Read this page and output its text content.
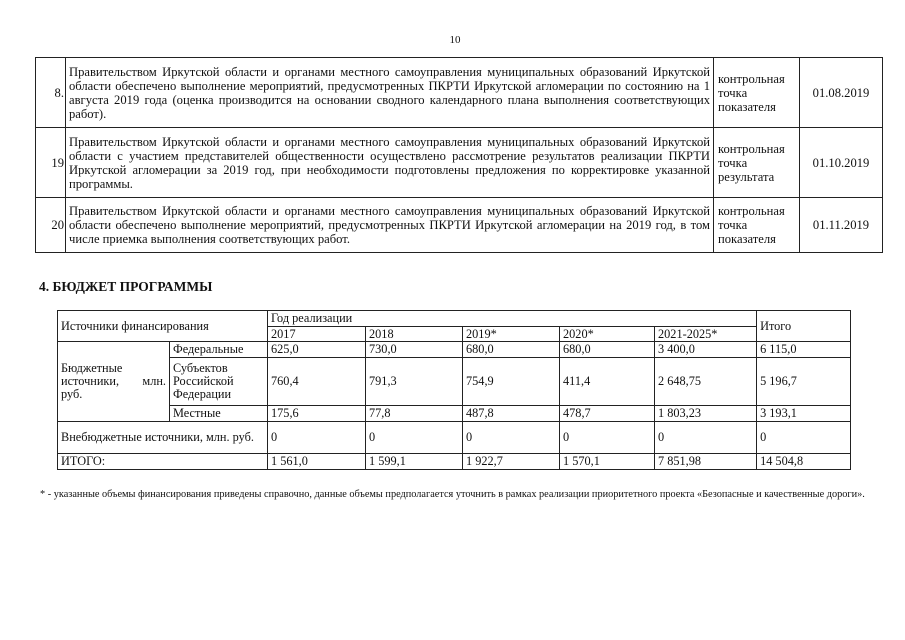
10
8.	Правительством Иркутской области и органами местного самоуправления муниципальных образований Иркутской области обеспечено выполнение мероприятий, предусмотренных ПКРТИ Иркутской агломерации по состоянию на 1 августа 2019 года (оценка производится на основании сводного календарного плана выполнения соответствующих работ).	контрольная точка показателя	01.08.2019
19	Правительством Иркутской области и органами местного самоуправления муниципальных образований Иркутской области с участием представителей общественности осуществлено рассмотрение результатов реализации ПКРТИ Иркутской агломерации за 2019 год, при необходимости подготовлены предложения по корректировке указанной программы.	контрольная точка результата	01.10.2019
20	Правительством Иркутской области и органами местного самоуправления муниципальных образований Иркутской области обеспечено выполнение мероприятий, предусмотренных ПКРТИ Иркутской агломерации на 2019 год, в том числе приемка выполнения соответствующих работ.	контрольная точка показателя	01.11.2019
4. БЮДЖЕТ ПРОГРАММЫ
Источники финансирования		Год реализации					Итого
		2017	2018	2019*	2020*	2021-2025*	
Бюджетные источники, млн. руб.	Федеральные	625,0	730,0	680,0	680,0	3 400,0	6 115,0
	Субъектов Российской Федерации	760,4	791,3	754,9	411,4	2 648,75	5 196,7
	Местные	175,6	77,8	487,8	478,7	1 803,23	3 193,1
Внебюджетные источники, млн. руб.		0	0	0	0	0	0
ИТОГО:		1 561,0	1 599,1	1 922,7	1 570,1	7 851,98	14 504,8

* - указанные объемы финансирования приведены справочно, данные объемы предполагается уточнить в рамках реализации приоритетного проекта «Безопасные и качественные дороги».
